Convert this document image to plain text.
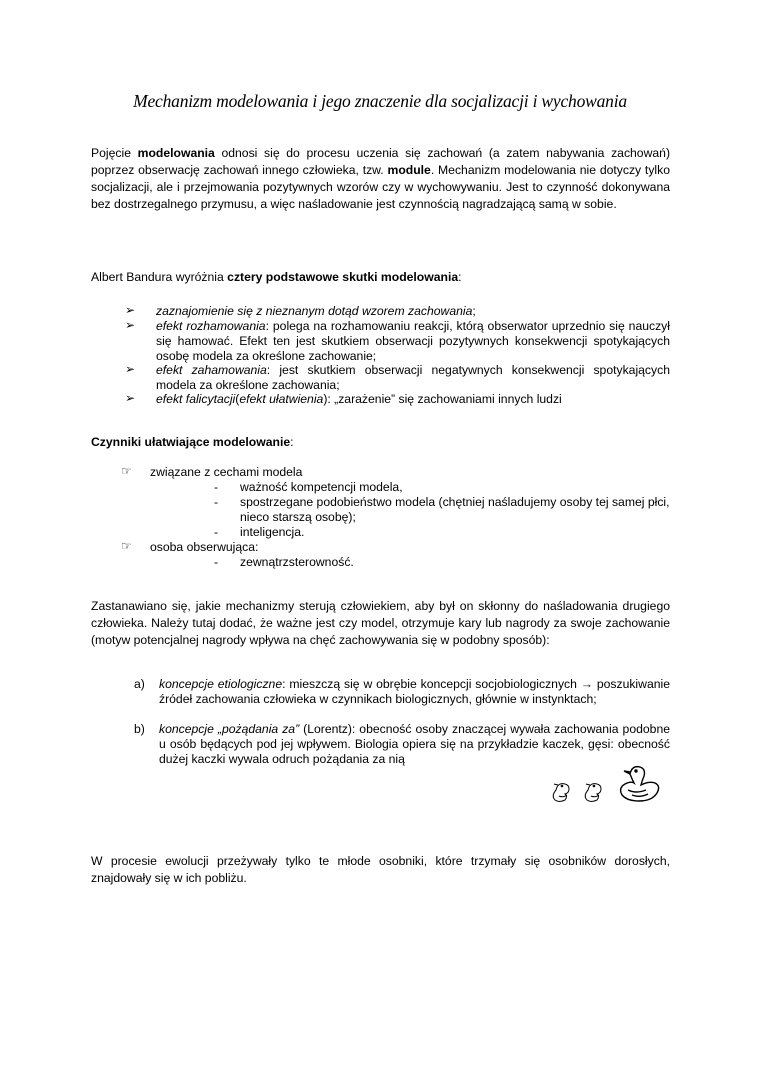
Mechanizm modelowania i jego znaczenie dla socjalizacji i wychowania

Pojęcie modelowania odnosi się do procesu uczenia się zachowań (a zatem nabywania zachowań) poprzez obserwację zachowań innego człowieka, tzw. module. Mechanizm modelowania nie dotyczy tylko socjalizacji, ale i przejmowania pozytywnych wzorów czy w wychowywaniu. Jest to czynność dokonywana bez dostrzegalnego przymusu, a więc naśladowanie jest czynnością nagradzającą samą w sobie.

Albert Bandura wyróżnia cztery podstawowe skutki modelowania:
➢	zaznajomienie się z nieznanym dotąd wzorem zachowania;

➢	efekt rozhamowania: polega na rozhamowaniu reakcji, którą obserwator uprzednio się nauczył się hamować. Efekt ten jest skutkiem obserwacji pozytywnych konsekwencji spotykających osobę modela za określone zachowanie;

➢	efekt zahamowania: jest skutkiem obserwacji negatywnych konsekwencji spotykających modela za określone zachowania;

➢	efekt falicytacji(efekt ułatwienia): „zarażenie” się zachowaniami innych ludzi

Czynniki ułatwiające modelowanie:
☞ związane z cechami modela
- ważność kompetencji modela,

- spostrzegane podobieństwo modela (chętniej naśladujemy osoby tej samej płci, nieco starszą osobę);

- inteligencja.

☞ osoba obserwująca:
- zewnątrzsterowność.

Zastanawiano się, jakie mechanizmy sterują człowiekiem, aby był on skłonny do naśladowania drugiego człowieka. Należy tutaj dodać, że ważne jest czy model, otrzymuje kary lub nagrody za swoje zachowanie (motyw potencjalnej nagrody wpływa na chęć zachowywania się w podobny sposób):

a) koncepcje etiologiczne: mieszczą się w obrębie koncepcji socjobiologicznych → poszukiwanie źródeł zachowania człowieka w czynnikach biologicznych, głównie w instynktach;

b) koncepcje „pożądania za” (Lorentz): obecność osoby znaczącej wywała zachowania podobne u osób będących pod jej wpływem. Biologia opiera się na przykładzie kaczek, gęsi: obecność dużej kaczki wywala odruch pożądania za nią

W procesie ewolucji przeżywały tylko te młode osobniki, które trzymały się osobników dorosłych, znajdowały się w ich pobliżu.
